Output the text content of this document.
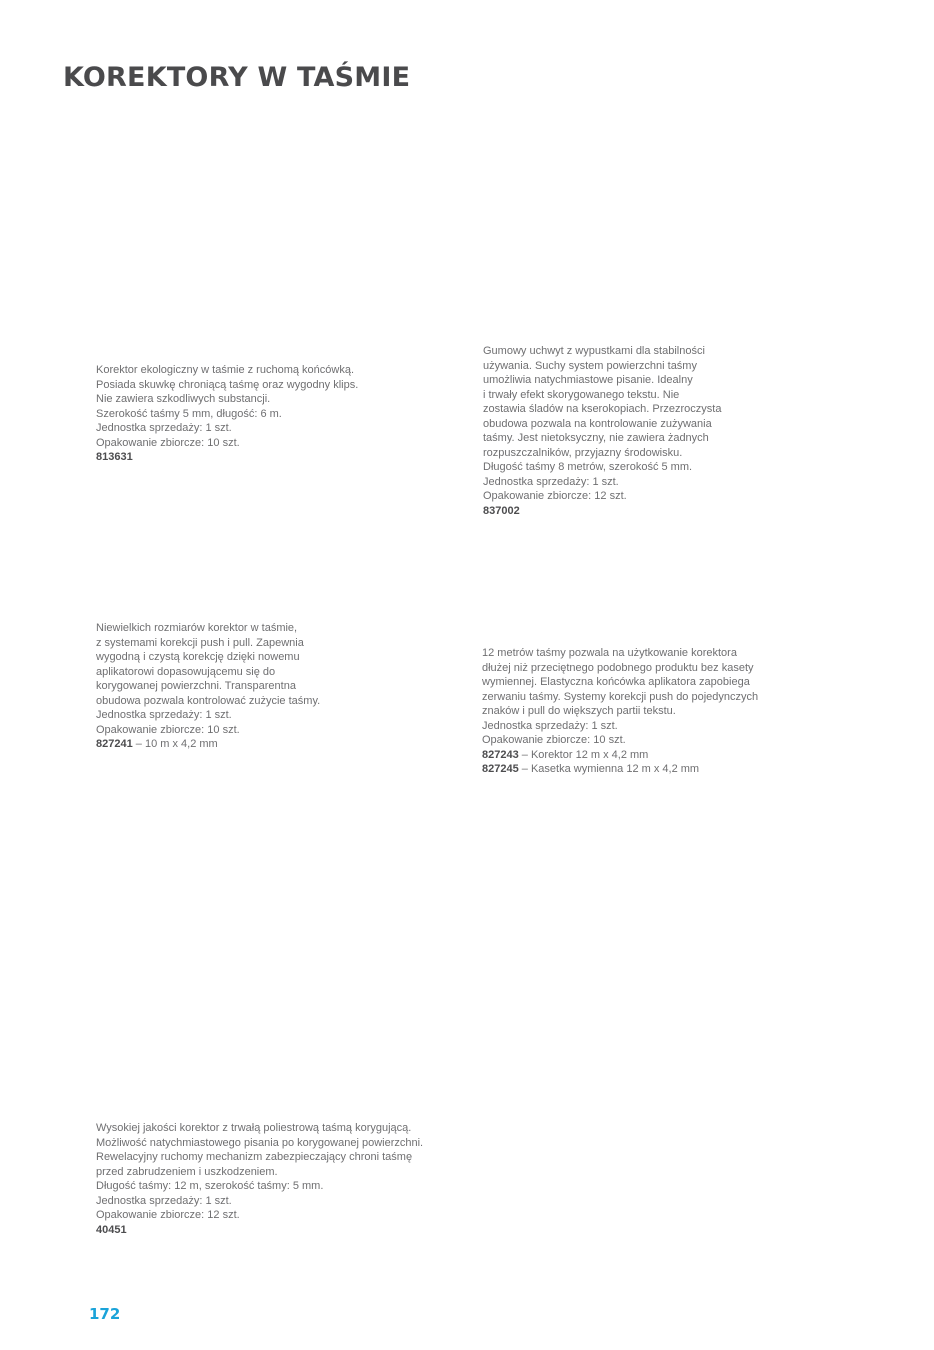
KOREKTORY W TAŚMIE
Korektor ekologiczny w taśmie z ruchomą końcówką.
Posiada skuwkę chroniącą taśmę oraz wygodny klips.
Nie zawiera szkodliwych substancji.
Szerokość taśmy 5 mm, długość: 6 m.
Jednostka sprzedaży: 1 szt.
Opakowanie zbiorcze: 10 szt.
813631
Gumowy uchwyt z wypustkami dla stabilności
używania. Suchy system powierzchni taśmy
umożliwia natychmiastowe pisanie. Idealny
i trwały efekt skorygowanego tekstu. Nie
zostawia śladów na kserokopiach. Przezroczysta
obudowa pozwala na kontrolowanie zużywania
taśmy. Jest nietoksyczny, nie zawiera żadnych
rozpuszczalników, przyjazny środowisku.
Długość taśmy 8 metrów, szerokość 5 mm.
Jednostka sprzedaży: 1 szt.
Opakowanie zbiorcze: 12 szt.
837002
Niewielkich rozmiarów korektor w taśmie,
z systemami korekcji push i pull. Zapewnia
wygodną i czystą korekcję dzięki nowemu
aplikatorowi dopasowującemu się do
korygowanej powierzchni. Transparentna
obudowa pozwala kontrolować zużycie taśmy.
Jednostka sprzedaży: 1 szt.
Opakowanie zbiorcze: 10 szt.
827241 – 10 m x 4,2 mm
12 metrów taśmy pozwala na użytkowanie korektora
dłużej niż przeciętnego podobnego produktu bez kasety
wymiennej. Elastyczna końcówka aplikatora zapobiega
zerwaniu taśmy. Systemy korekcji push do pojedynczych
znaków i pull do większych partii tekstu.
Jednostka sprzedaży: 1 szt.
Opakowanie zbiorcze: 10 szt.
827243 – Korektor 12 m x 4,2 mm
827245 – Kasetka wymienna 12 m x 4,2 mm
Wysokiej jakości korektor z trwałą poliestrową taśmą korygującą.
Możliwość natychmiastowego pisania po korygowanej powierzchni.
Rewelacyjny ruchomy mechanizm zabezpieczający chroni taśmę
przed zabrudzeniem i uszkodzeniem.
Długość taśmy: 12 m, szerokość taśmy: 5 mm.
Jednostka sprzedaży: 1 szt.
Opakowanie zbiorcze: 12 szt.
40451
172
